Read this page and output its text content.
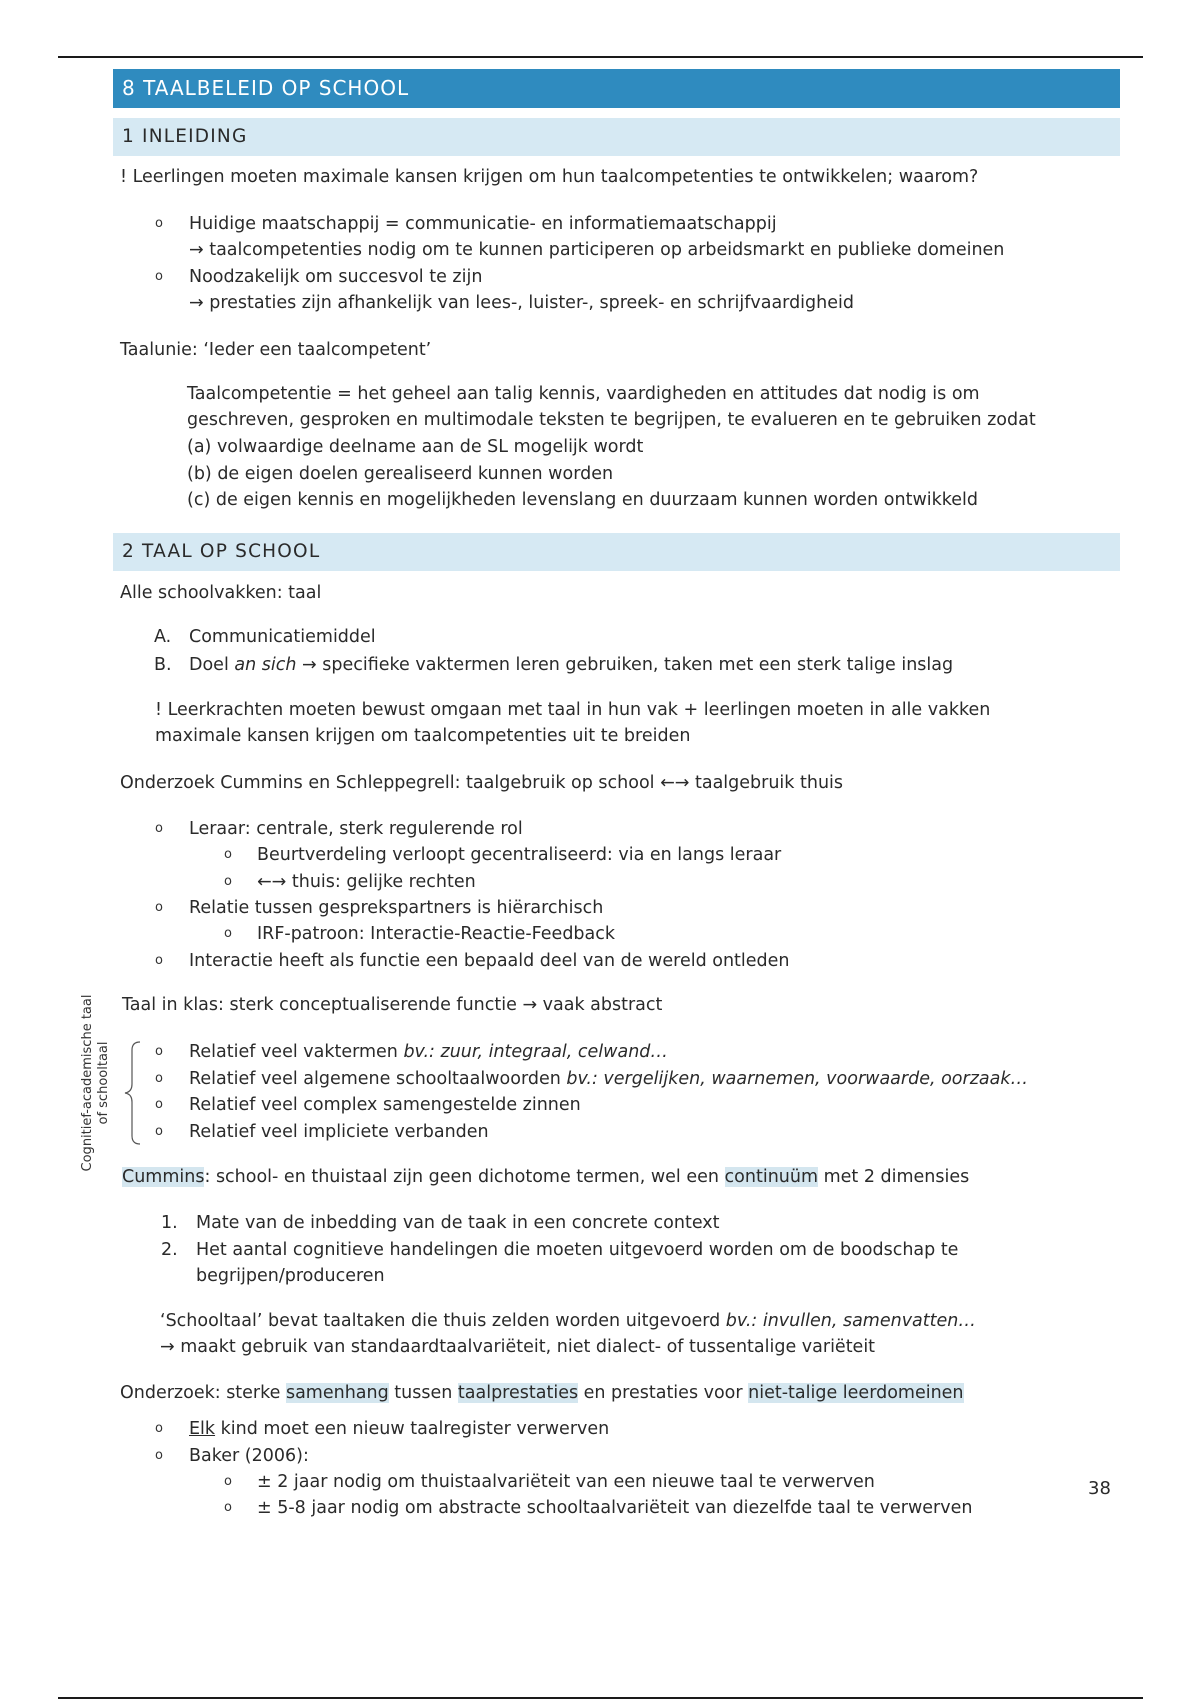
8 TAALBELEID OP SCHOOL
1 INLEIDING
! Leerlingen moeten maximale kansen krijgen om hun taalcompetenties te ontwikkelen; waarom?
o Huidige maatschappij = communicatie- en informatiemaatschappij
→ taalcompetenties nodig om te kunnen participeren op arbeidsmarkt en publieke domeinen
o Noodzakelijk om succesvol te zijn
→ prestaties zijn afhankelijk van lees-, luister-, spreek- en schrijfvaardigheid
Taalunie: ‘Ieder een taalcompetent’
Taalcompetentie = het geheel aan talig kennis, vaardigheden en attitudes dat nodig is om
geschreven, gesproken en multimodale teksten te begrijpen, te evalueren en te gebruiken zodat
(a) volwaardige deelname aan de SL mogelijk wordt
(b) de eigen doelen gerealiseerd kunnen worden
(c) de eigen kennis en mogelijkheden levenslang en duurzaam kunnen worden ontwikkeld
2 TAAL OP SCHOOL
Alle schoolvakken: taal
A. Communicatiemiddel
B. Doel an sich → specifieke vaktermen leren gebruiken, taken met een sterk talige inslag
! Leerkrachten moeten bewust omgaan met taal in hun vak + leerlingen moeten in alle vakken
maximale kansen krijgen om taalcompetenties uit te breiden
Onderzoek Cummins en Schleppegrell: taalgebruik op school ←→ taalgebruik thuis
o Leraar: centrale, sterk regulerende rol
o Beurtverdeling verloopt gecentraliseerd: via en langs leraar
o ←→ thuis: gelijke rechten
o Relatie tussen gesprekspartners is hiërarchisch
o IRF-patroon: Interactie-Reactie-Feedback
o Interactie heeft als functie een bepaald deel van de wereld ontleden
Taal in klas: sterk conceptualiserende functie → vaak abstract
Cognitief-academische taal of schooltaal	o Relatief veel vaktermen bv.: zuur, integraal, celwand…
o Relatief veel algemene schooltaalwoorden bv.: vergelijken, waarnemen, voorwaarde, oorzaak…
o Relatief veel complex samengestelde zinnen
o Relatief veel impliciete verbanden
Cummins: school- en thuistaal zijn geen dichotome termen, wel een continuüm met 2 dimensies
1. Mate van de inbedding van de taak in een concrete context
2. Het aantal cognitieve handelingen die moeten uitgevoerd worden om de boodschap te
begrijpen/produceren
‘Schooltaal’ bevat taaltaken die thuis zelden worden uitgevoerd bv.: invullen, samenvatten…
→ maakt gebruik van standaardtaalvariëteit, niet dialect- of tussentalige variëteit
Onderzoek: sterke samenhang tussen taalprestaties en prestaties voor niet-talige leerdomeinen
o Elk kind moet een nieuw taalregister verwerven
o Baker (2006):
o ± 2 jaar nodig om thuistaalvariëteit van een nieuwe taal te verwerven
o ± 5-8 jaar nodig om abstracte schooltaalvariëteit van diezelfde taal te verwerven
38
